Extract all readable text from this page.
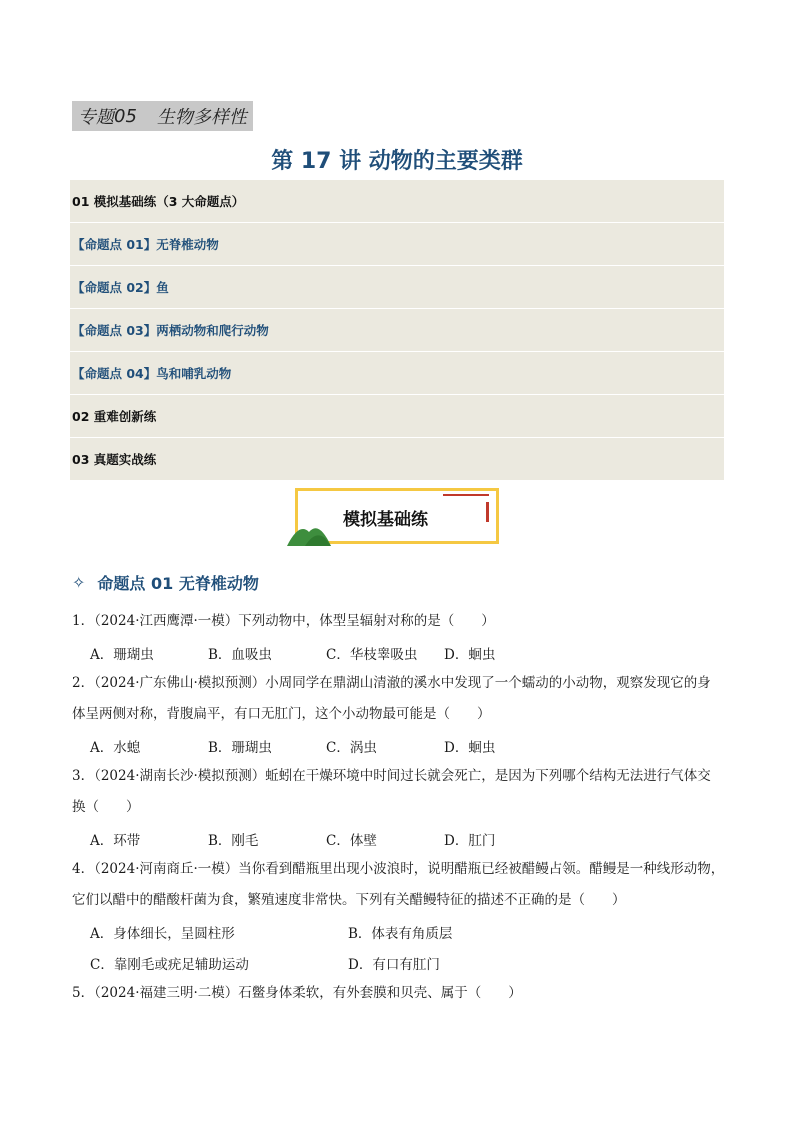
专题 05 生物多样性
第 17 讲 动物的主要类群
01 模拟基础练（3 大命题点）
【命题点 01】无脊椎动物
【命题点 02】鱼
【命题点 03】两栖动物和爬行动物
【命题点 04】鸟和哺乳动物
02 重难创新练
03 真题实战练
模拟基础练
✧ 命题点 01 无脊椎动物

1．（2024·江西鹰潭·一模）下列动物中，体型呈辐射对称的是（　　）

A．珊瑚虫	B．血吸虫	C．华枝睾吸虫	D．蛔虫

2．（2024·广东佛山·模拟预测）小周同学在鼎湖山清澈的溪水中发现了一个蠕动的小动物，观察发现它的身

体呈两侧对称，背腹扁平，有口无肛门，这个小动物最可能是（　　）

A．水螅	B．珊瑚虫	C．涡虫	D．蛔虫

3．（2024·湖南长沙·模拟预测）蚯蚓在干燥环境中时间过长就会死亡，是因为下列哪个结构无法进行气体交

换（　　）

A．环带	B．刚毛	C．体壁	D．肛门

4．（2024·河南商丘·一模）当你看到醋瓶里出现小波浪时，说明醋瓶已经被醋鳗占领。醋鳗是一种线形动物，

它们以醋中的醋酸杆菌为食，繁殖速度非常快。下列有关醋鳗特征的描述不正确的是（　　）

A．身体细长，呈圆柱形	B．体表有角质层
C．靠刚毛或疣足辅助运动	D．有口有肛门

5．（2024·福建三明·二模）石鳖身体柔软，有外套膜和贝壳、属于（　　）
